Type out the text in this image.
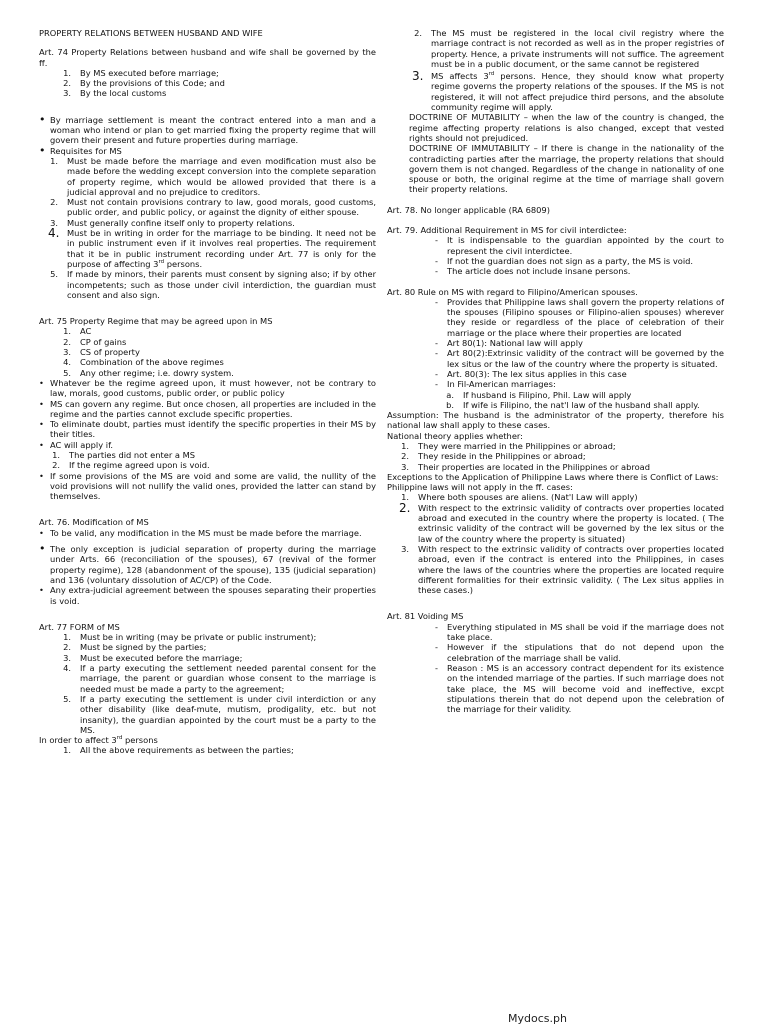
PROPERTY RELATIONS BETWEEN HUSBAND AND WIFE

Art. 74 Property Relations between husband and wife shall be governed by the ff.

1.	By MS executed before marriage;
2.	By the provisions of this Code; and
3.	By the local customs
• By marriage settlement is meant the contract entered into a man and a woman who intend or plan to get married fixing the property regime that will govern their present and future properties during marriage.
• Requisites for MS
1.	Must be made before the marriage and even modification must also be made before the wedding except conversion into the complete separation of property regime, which would be allowed provided that there is a judicial approval and no prejudice to creditors.
2.	Must not contain provisions contrary to law, good morals, good customs, public order, and public policy, or against the dignity of either spouse.
3.	Must generally confine itself only to property relations.
4. Must be in writing in order for the marriage to be binding. It need not be in public instrument even if it involves real properties. The requirement that it be in public instrument recording under Art. 77 is only for the purpose of affecting 3rd persons.
5.	If made by minors, their parents must consent by signing also; if by other incompetents; such as those under civil interdiction, the guardian must consent and also sign.

Art. 75 Property Regime that may be agreed upon in MS

1.	AC
2.	CP of gains
3.	CS of property
4.	Combination of the above regimes
5.	Any other regime; i.e. dowry system.
• Whatever be the regime agreed upon, it must however, not be contrary to law, morals, good customs, public order, or public policy
• MS can govern any regime. But once chosen, all properties are included in the regime and the parties cannot exclude specific properties.
• To eliminate doubt, parties must identify the specific properties in their MS by their titles.
• AC will apply if.
1.	The parties did not enter a MS
2.	If the regime agreed upon is void.
• If some provisions of the MS are void and some are valid, the nullity of the void provisions will not nullify the valid ones, provided the latter can stand by themselves.

Art. 76. Modification of MS

• To be valid, any modification in the MS must be made before the marriage.
• The only exception is judicial separation of property during the marriage under Arts. 66 (reconciliation of the spouses), 67 (revival of the former property regime), 128 (abandonment of the spouse), 135 (judicial separation) and 136 (voluntary dissolution of AC/CP) of the Code.
• Any extra-judicial agreement between the spouses separating their properties is void.

Art. 77 FORM of MS

1.	Must be in writing (may be private or public instrument);
2.	Must be signed by the parties;
3.	Must be executed before the marriage;
4.	If a party executing the settlement needed parental consent for the marriage, the parent or guardian whose consent to the marriage is needed must be made a party to the agreement;
5.	If a party executing the settlement is under civil interdiction or any other disability (like deaf-mute, mutism, prodigality, etc. but not insanity), the guardian appointed by the court must be a party to the MS.

In order to affect 3rd persons

1.	All the above requirements as between the parties;
2.	The MS must be registered in the local civil registry where the marriage contract is not recorded as well as in the proper registries of property. Hence, a private instruments will not suffice. The agreement must be in a public document, or the same cannot be registered
3. MS affects 3rd persons. Hence, they should know what property regime governs the property relations of the spouses. If the MS is not registered, it will not affect prejudice third persons, and the absolute community regime will apply.

DOCTRINE OF MUTABILITY – when the law of the country is changed, the regime affecting property relations is also changed, except that vested rights should not prejudiced.

DOCTRINE OF IMMUTABILITY – If there is change in the nationality of the contradicting parties after the marriage, the property relations that should govern them is not changed. Regardless of the change in nationality of one spouse or both, the original regime at the time of marriage shall govern their property relations.

Art. 78. No longer applicable (RA 6809)

Art. 79. Additional Requirement in MS for civil interdictee:

-	It is indispensable to the guardian appointed by the court to represent the civil interdictee.
-	If not the guardian does not sign as a party, the MS is void.
-	The article does not include insane persons.

Art. 80 Rule on MS with regard to Filipino/American spouses.

-	Provides that Philippine laws shall govern the property relations of the spouses (Filipino spouses or Filipino-alien spouses) wherever they reside or regardless of the place of celebration of their marriage or the place where their properties are located
-	Art 80(1): National law will apply
-	Art 80(2):Extrinsic validity of the contract will be governed by the lex situs or the law of the country where the property is situated.
-	Art. 80(3): The lex situs applies in this case
-	In Fil-American marriages:
a.	If husband is Filipino, Phil. Law will apply
b.	If wife is Filipino, the nat'l law of the husband shall apply.

Assumption: The husband is the administrator of the property, therefore his national law shall apply to these cases.

National theory applies whether:

1.	They were married in the Philippines or abroad;
2.	They reside in the Philippines or abroad;
3.	Their properties are located in the Philippines or abroad

Exceptions to the Application of Philippine Laws where there is Conflict of Laws:

Philippine laws will not apply in the ff. cases:

1.	Where both spouses are aliens. (Nat'l Law will apply)
2. With respect to the extrinsic validity of contracts over properties located abroad and executed in the country where the property is located. ( The extrinsic validity of the contract will be governed by the lex situs or the law of the country where the property is situated)
3.	With respect to the extrinsic validity of contracts over properties located abroad, even if the contract is entered into the Philippines, in cases where the laws of the countries where the properties are located require different formalities for their extrinsic validity. ( The Lex situs applies in these cases.)

Art. 81 Voiding MS

-	Everything stipulated in MS shall be void if the marriage does not take place.
-	However if the stipulations that do not depend upon the celebration of the marriage shall be valid.
-	Reason : MS is an accessory contract dependent for its existence on the intended marriage of the parties. If such marriage does not take place, the MS will become void and ineffective, excpt stipulations therein that do not depend upon the celebration of the marriage for their validity.
Mydocs.ph
